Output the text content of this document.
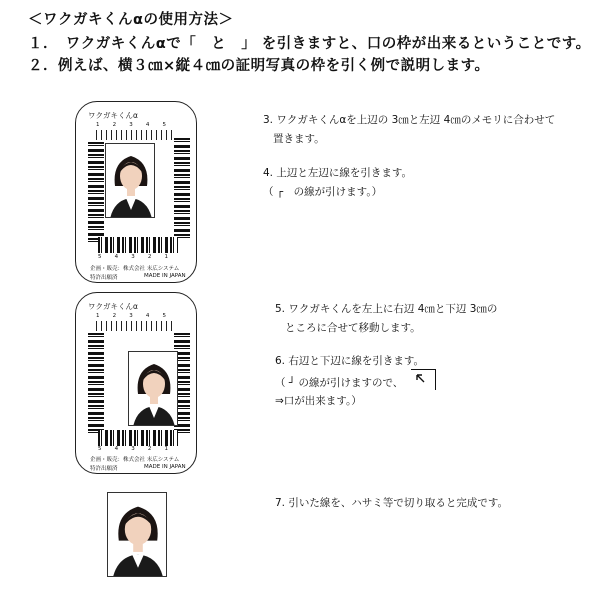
＜ワクガキくんαの使用方法＞
１．　ワクガキくんαで「　と　」 を引きますと、口の枠が出来るということです。
２．例えば、横３㎝×縦４㎝の証明写真の枠を引く例で説明します。
ワクガキくんα
1 2 3 4 5
5 4 3 2 1
企画・販売：株式会社 末広システム
特許出願済	MADE IN JAPAN
ワクガキくんα
1 2 3 4 5
5 4 3 2 1
企画・販売：株式会社 末広システム
特許出願済	MADE IN JAPAN
3. ワクガキくんαを上辺の 3㎝と左辺 4㎝のメモリに合わせて
置きます。
4. 上辺と左辺に線を引きます。
（ ┌　の線が引けます。）
5. ワクガキくんを左上に右辺 4㎝と下辺 3㎝の
ところに合せて移動します。
6. 右辺と下辺に線を引きます。
（ ┘ の線が引けますので、
⇒口が出来ます。）
7. 引いた線を、ハサミ等で切り取ると完成です。
